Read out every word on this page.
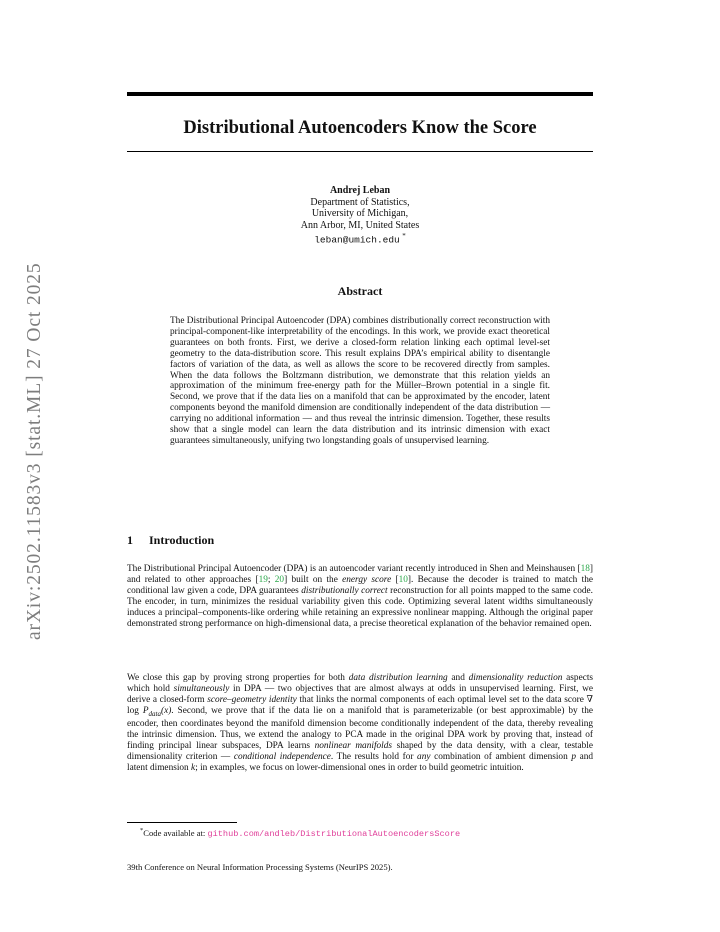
arXiv:2502.11583v3 [stat.ML] 27 Oct 2025
Distributional Autoencoders Know the Score
Andrej Leban
Department of Statistics,
University of Michigan,
Ann Arbor, MI, United States
leban@umich.edu *
Abstract

The Distributional Principal Autoencoder (DPA) combines distributionally correct reconstruction with principal-component-like interpretability of the encodings. In this work, we provide exact theoretical guarantees on both fronts. First, we derive a closed-form relation linking each optimal level-set geometry to the data-distribution score. This result explains DPA’s empirical ability to disentangle factors of variation of the data, as well as allows the score to be recovered directly from samples. When the data follows the Boltzmann distribution, we demonstrate that this relation yields an approximation of the minimum free-energy path for the Müller–Brown potential in a single fit. Second, we prove that if the data lies on a manifold that can be approximated by the encoder, latent components beyond the manifold dimension are conditionally independent of the data distribution — carrying no additional information — and thus reveal the intrinsic dimension. Together, these results show that a single model can learn the data distribution and its intrinsic dimension with exact guarantees simultaneously, unifying two longstanding goals of unsupervised learning.

1 Introduction

The Distributional Principal Autoencoder (DPA) is an autoencoder variant recently introduced in Shen and Meinshausen [18] and related to other approaches [19; 20] built on the energy score [10]. Because the decoder is trained to match the conditional law given a code, DPA guarantees distributionally correct reconstruction for all points mapped to the same code. The encoder, in turn, minimizes the residual variability given this code. Optimizing several latent widths simultaneously induces a principal–components-like ordering while retaining an expressive nonlinear mapping. Although the original paper demonstrated strong performance on high-dimensional data, a precise theoretical explanation of the behavior remained open.

We close this gap by proving strong properties for both data distribution learning and dimensionality reduction aspects which hold simultaneously in DPA — two objectives that are almost always at odds in unsupervised learning. First, we derive a closed-form score–geometry identity that links the normal components of each optimal level set to the data score ∇ $\log P_{data}(x)$. Second, we prove that if the data lie on a manifold that is parameterizable (or best approximable) by the encoder, then coordinates beyond the manifold dimension become conditionally independent of the data, thereby revealing the intrinsic dimension. Thus, we extend the analogy to PCA made in the original DPA work by proving that, instead of finding principal linear subspaces, DPA learns nonlinear manifolds shaped by the data density, with a clear, testable dimensionality criterion — conditional independence. The results hold for any combination of ambient dimension p and latent dimension k; in examples, we focus on lower-dimensional ones in order to build geometric intuition.

*Code available at: github.com/andleb/DistributionalAutoencodersScore
39th Conference on Neural Information Processing Systems (NeurIPS 2025).
